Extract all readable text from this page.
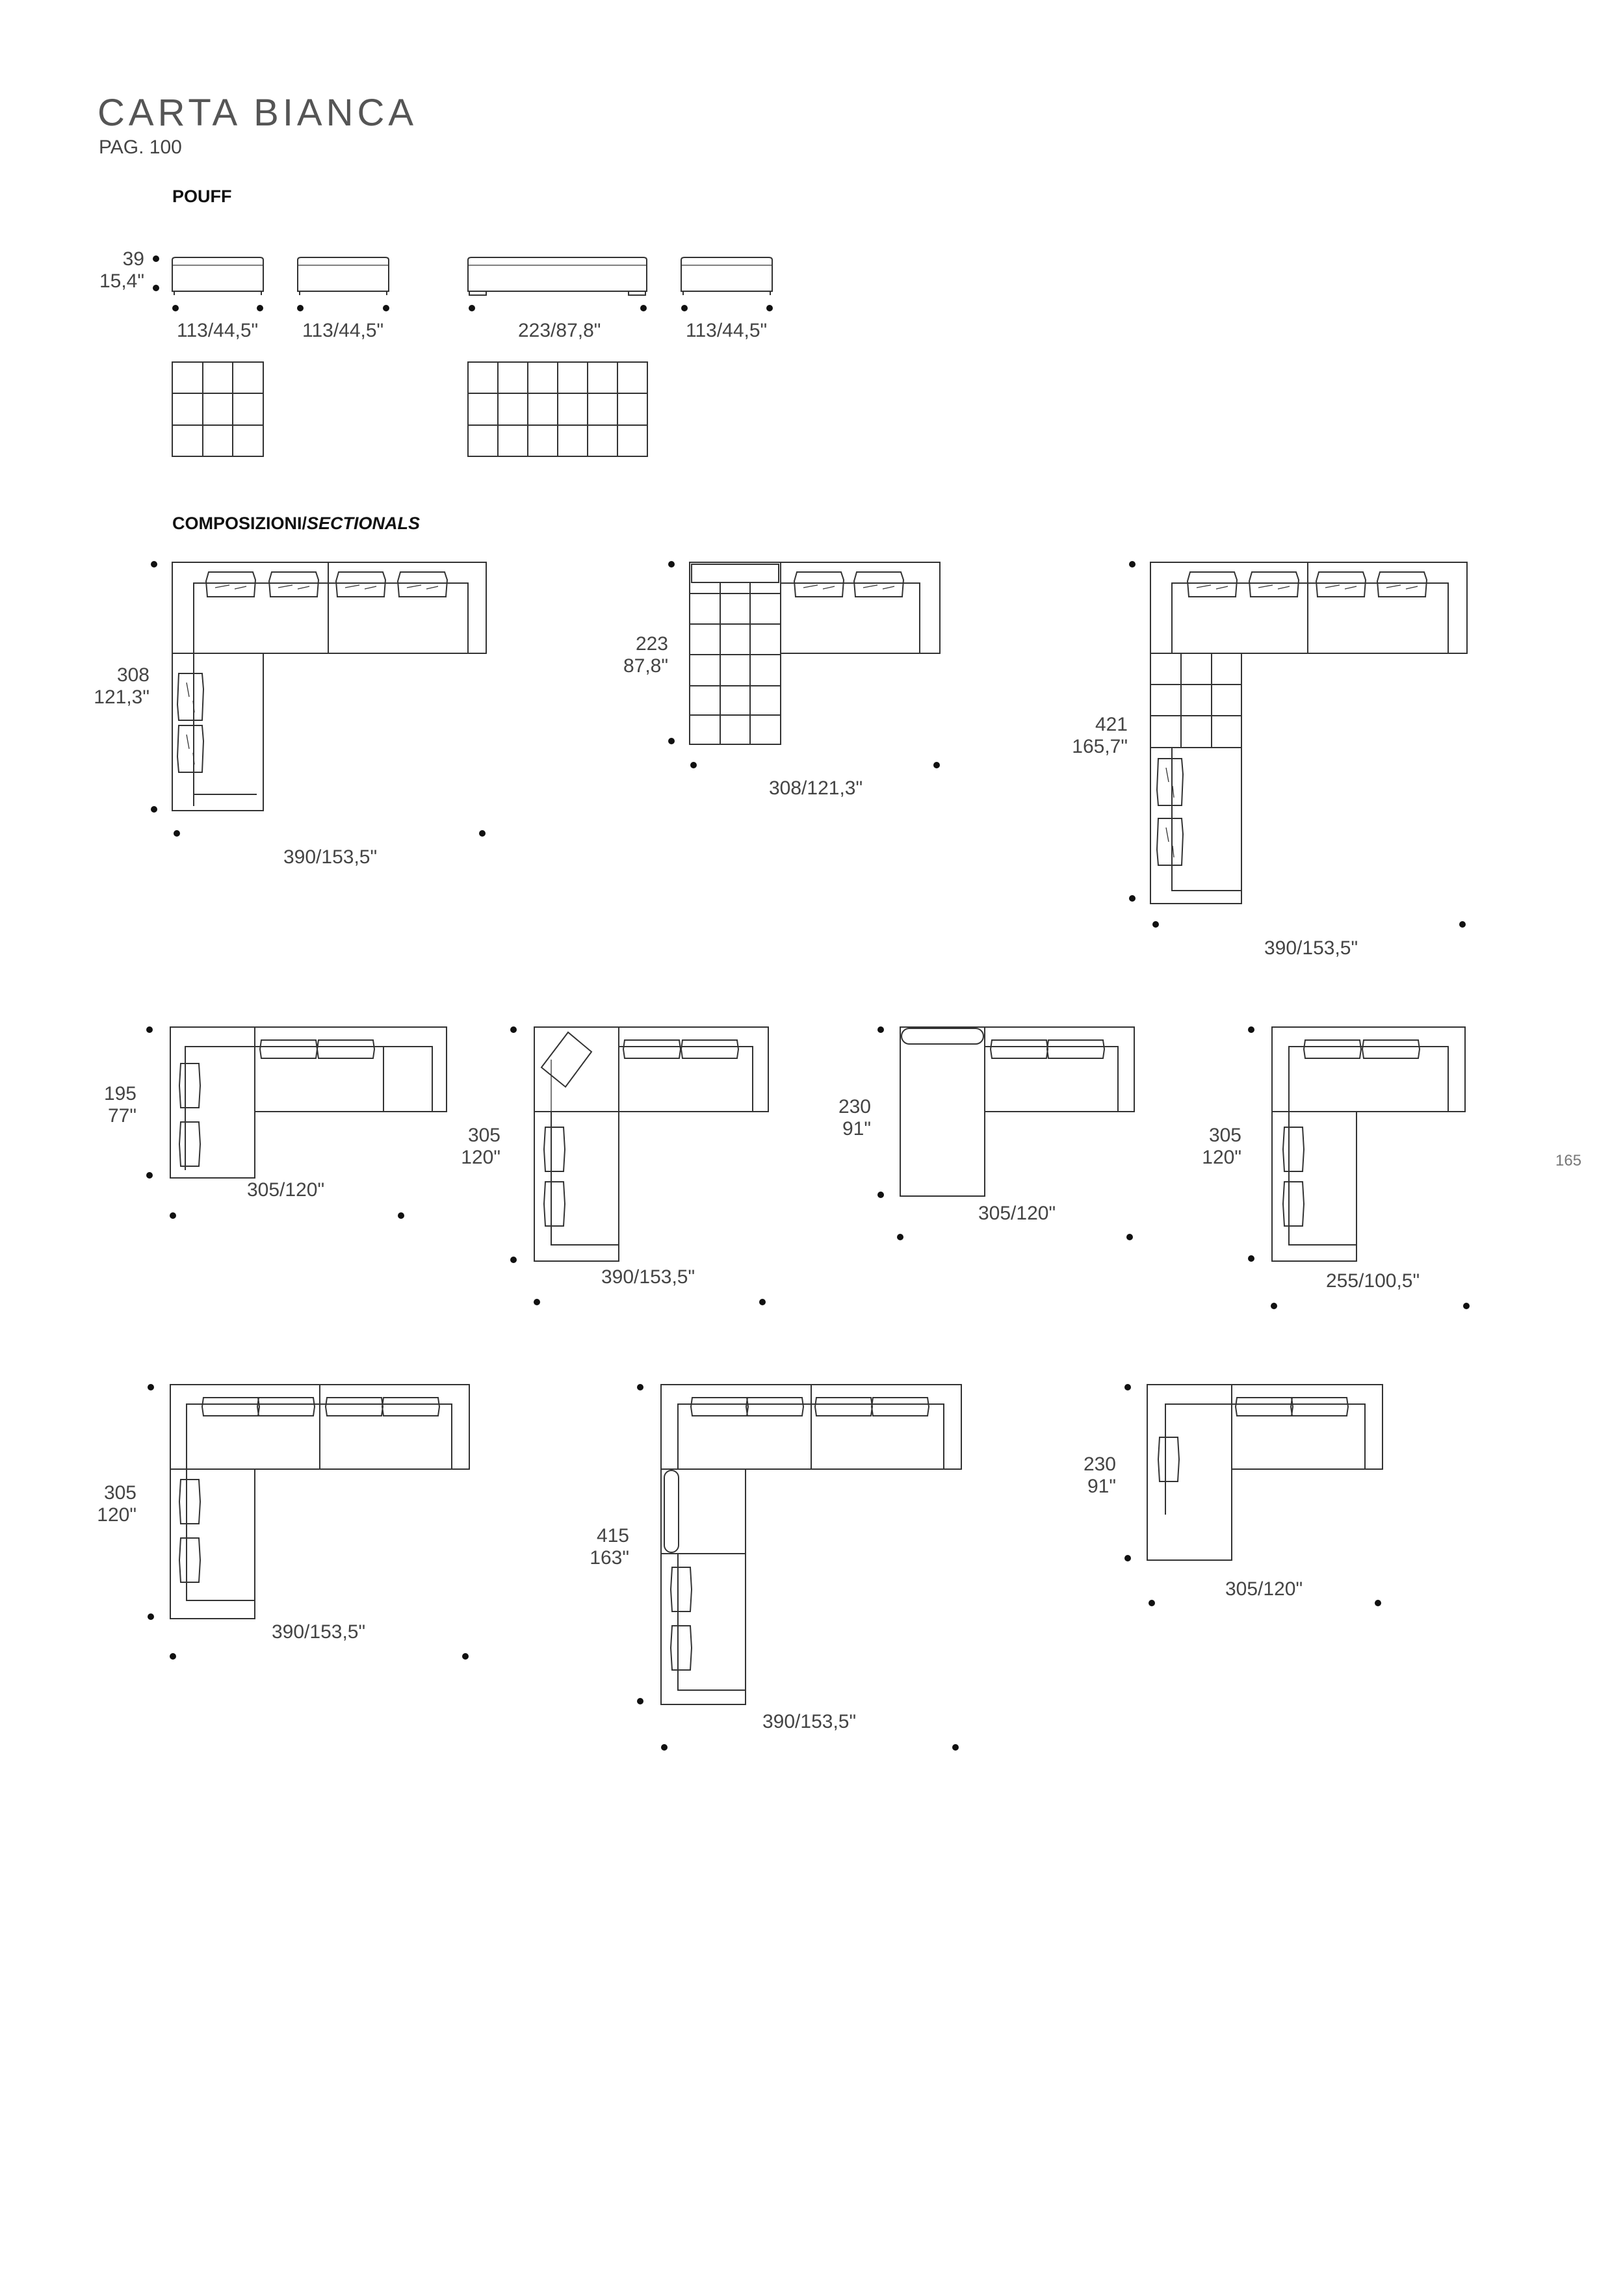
CARTA BIANCA
PAG. 100
POUFF
COMPOSIZIONI/SECTIONALS
39
15,4"
113/44,5" 113/44,5"	223/87,8"	113/44,5"
308
121,3"
390/153,5"
223
87,8"
308/121,3"
421
165,7"
390/153,5"
195
77"
305/120"
305
120"
390/153,5"
230
91"
305/120"
305
120"
255/100,5"
305
120"
390/153,5"
415
163"
390/153,5"
230
91"
305/120"
165
